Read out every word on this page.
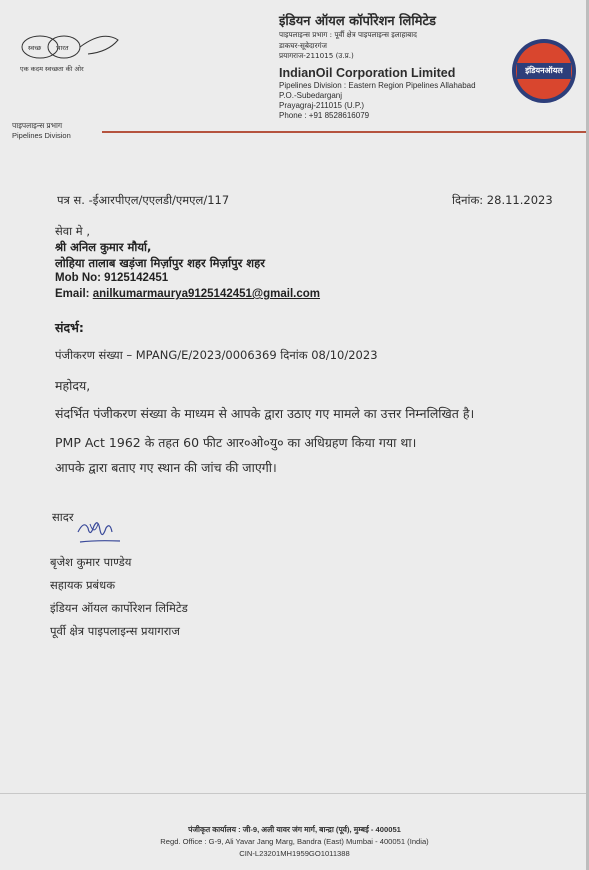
स्वच्छ भारत
एक कदम स्वच्छता की ओर
इंडियन ऑयल कॉर्पोरेशन लिमिटेड
पाइपलाइन्स प्रभाग : पूर्वी क्षेत्र पाइपलाइन्स इलाहाबाद
डाकघर-सूबेदारगंज
प्रयागराज-211015 (उ.प्र.)
IndianOil Corporation Limited
Pipelines Division : Eastern Region Pipelines Allahabad
P.O.-Subedarganj
Prayagraj-211015 (U.P.)
Phone : +91 8528616079
इंडियनऑयल
पाइपलाइन्स प्रभाग
Pipelines Division
पत्र स. -ईआरपीएल/एएलडी/एमएल/117	दिनांक: 28.11.2023
सेवा मे ,
श्री अनिल कुमार मौर्या,
लोहिया तालाब खड़ंजा मिर्ज़ापुर शहर मिर्ज़ापुर शहर
Mob No: 9125142451
Email: anilkumarmaurya9125142451@gmail.com
संदर्भ:
पंजीकरण संख्या – MPANG/E/2023/0006369 दिनांक 08/10/2023
महोदय,
संदर्भित पंजीकरण संख्या के माध्यम से आपके द्वारा उठाए गए मामले का उत्तर निम्नलिखित है।
PMP Act 1962 के तहत 60 फीट आर०ओ०यु० का अधिग्रहण किया गया था।
आपके द्वारा बताए गए स्थान की जांच की जाएगी।
सादर
बृजेश कुमार पाण्डेय
सहायक प्रबंधक
इंडियन ऑयल कार्पोरेशन लिमिटेड
पूर्वी क्षेत्र पाइपलाइन्स प्रयागराज
पंजीकृत कार्यालय : जी-9, अली यावर जंग मार्ग, बान्द्रा (पूर्व), मुम्बई - 400051
Regd. Office : G-9, Ali Yavar Jang Marg, Bandra (East) Mumbai - 400051 (India)
CIN-L23201MH1959GO1011388
